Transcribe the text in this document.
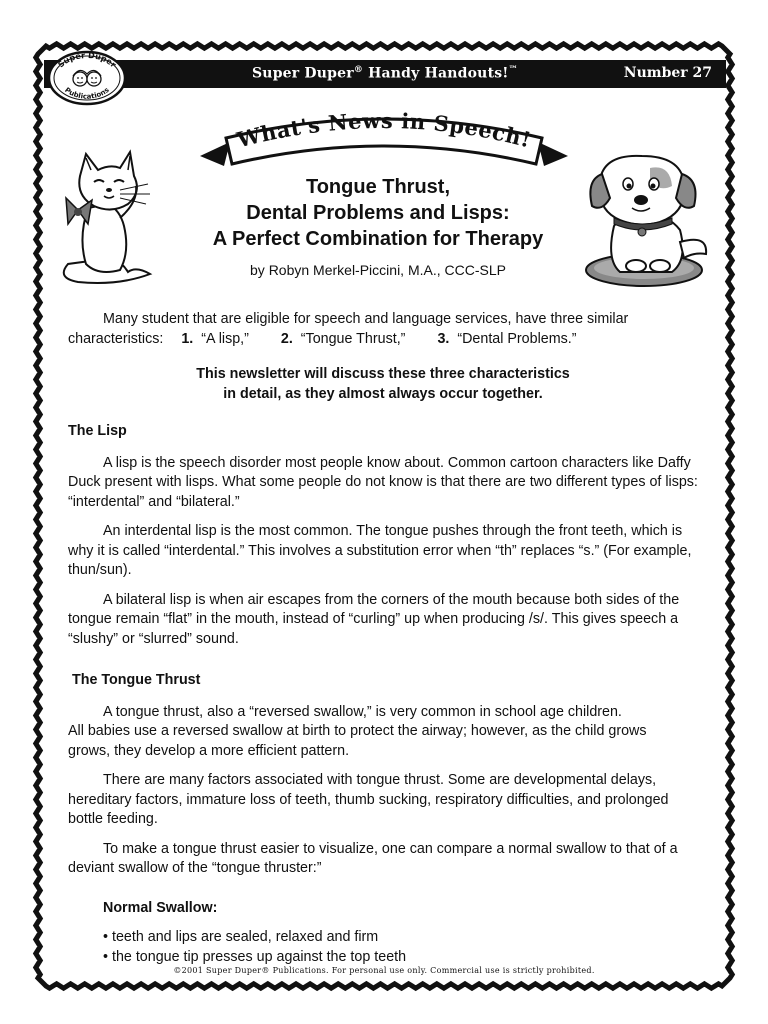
Super Duper® Handy Handouts!™	Number 27
Super Duper
Publications
What's News in Speech!
Tongue Thrust,
Dental Problems and Lisps:
A Perfect Combination for Therapy
by Robyn Merkel-Piccini, M.A., CCC-SLP

Many student that are eligible for speech and language services, have three similar

characteristics: 1.
“A lisp,” 2.
“Tongue Thrust,” 3.
“Dental Problems.”

This newsletter will discuss these three characteristics
in detail, as they almost always occur together.

The Lisp

A lisp is the speech disorder most people know about. Common cartoon characters like Daffy Duck present with lisps. What some people do not know is that there are two different types of lisps: “interdental” and “bilateral.”

An interdental lisp is the most common. The tongue pushes through the front teeth, which is why it is called “interdental.” This involves a substitution error when “th” replaces “s.” (For example, thun/sun).

A bilateral lisp is when air escapes from the corners of the mouth because both sides of the tongue remain “flat” in the mouth, instead of “curling” up when producing /s/. This gives speech a “slushy” or “slurred” sound.

The Tongue Thrust

A tongue thrust, also a “reversed swallow,” is very common in school age children.

All babies use a reversed swallow at birth to protect the airway; however, as the child grows

grows, they develop a more efficient pattern.

There are many factors associated with tongue thrust. Some are developmental delays, hereditary factors, immature loss of teeth, thumb sucking, respiratory difficulties, and prolonged bottle feeding.

To make a tongue thrust easier to visualize, one can compare a normal swallow to that of a deviant swallow of the “tongue thruster:”

Normal Swallow:

• teeth and lips are sealed, relaxed and firm

• the tongue tip presses up against the top teeth

©2001 Super Duper® Publications. For personal use only. Commercial use is strictly prohibited.
